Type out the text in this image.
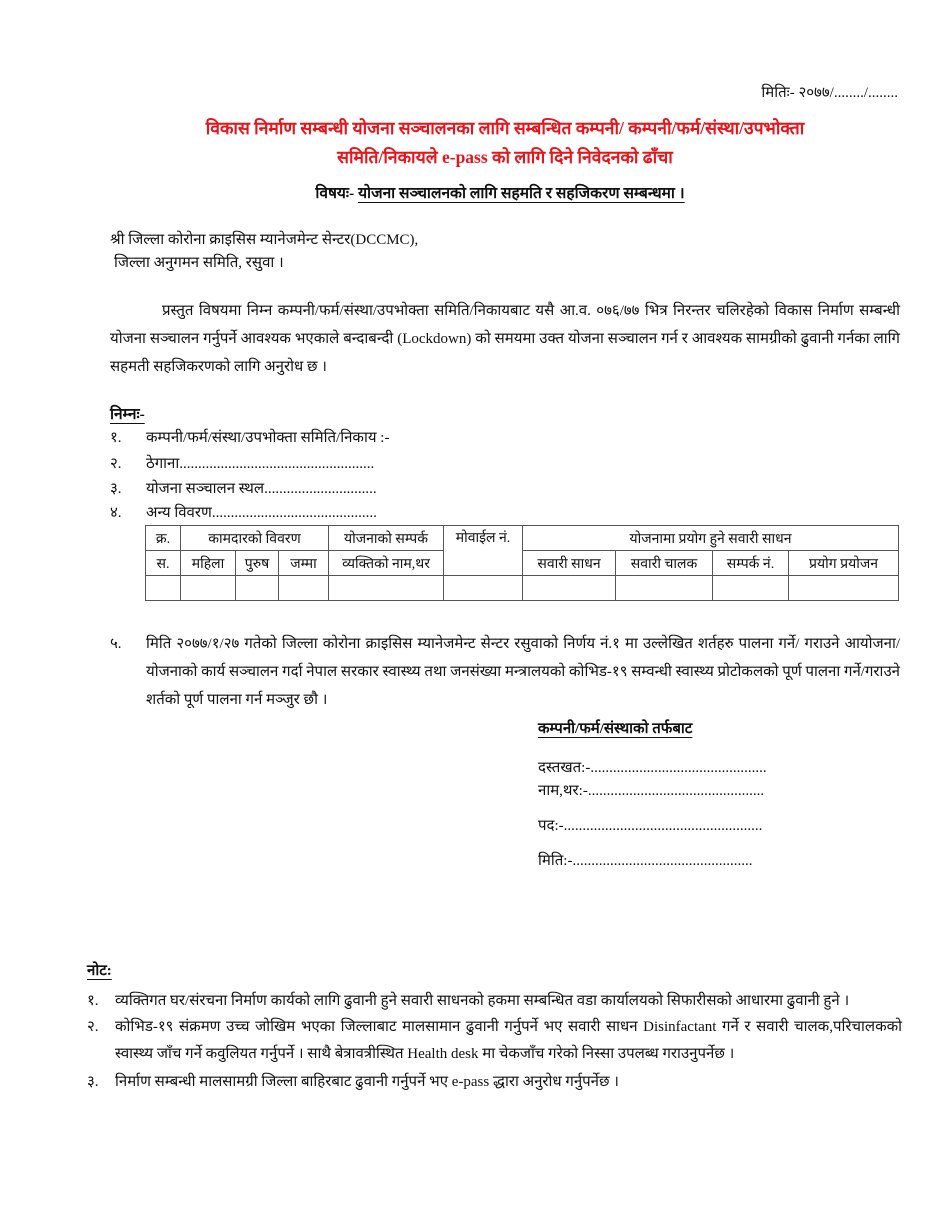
मितिः- २०७७/......../........
विकास निर्माण सम्बन्धी योजना सञ्चालनका लागि सम्बन्धित कम्पनी/ कम्पनी/फर्म/संस्था/उपभोक्ता
समिति/निकायले e-pass को लागि दिने निवेदनको ढाँचा
विषयः- योजना सञ्चालनको लागि सहमति र सहजिकरण सम्बन्धमा ।
श्री जिल्ला कोरोना क्राइसिस म्यानेजमेन्ट सेन्टर(DCCMC),
जिल्ला अनुगमन समिति, रसुवा ।
प्रस्तुत विषयमा निम्न कम्पनी/फर्म/संस्था/उपभोक्ता समिति/निकायबाट यसै आ.व. ०७६/७७ भित्र निरन्तर चलिरहेको विकास निर्माण सम्बन्धी योजना सञ्चालन गर्नुपर्ने आवश्यक भएकाले बन्दाबन्दी (Lockdown) को समयमा उक्त योजना सञ्चालन गर्न र आवश्यक सामग्रीको ढुवानी गर्नका लागि सहमती सहजिकरणको लागि अनुरोध छ ।
निम्नः-
१. कम्पनी/फर्म/संस्था/उपभोक्ता समिति/निकाय :-
२. ठेगाना....................................................
३. योजना सञ्चालन स्थल..............................
४. अन्य विवरण............................................
क्र.	कामदारको विवरण			योजनाको सम्पर्क	मोवाईल नं.	योजनामा प्रयोग हुने सवारी साधन			
स.	महिला	पुरुष	जम्मा	व्यक्तिको नाम,थर		सवारी साधन	सवारी चालक	सम्पर्क नं.	प्रयोग प्रयोजन

५. मिति २०७७/१/२७ गतेको जिल्ला कोरोना क्राइसिस म्यानेजमेन्ट सेन्टर रसुवाको निर्णय नं.१ मा उल्लेखित शर्तहरु पालना गर्ने/ गराउने आयोजना/ योजनाको कार्य सञ्चालन गर्दा नेपाल सरकार स्वास्थ्य तथा जनसंख्या मन्त्रालयको कोभिड-१९ सम्वन्धी स्वास्थ्य प्रोटोकलको पूर्ण पालना गर्ने/गराउने शर्तको पूर्ण पालना गर्न मञ्जुर छौ ।
कम्पनी/फर्म/संस्थाको तर्फबाट
दस्तखत:-...............................................
नाम,थर:-...............................................
पद:-.....................................................
मिति:-................................................
नोट:
१. व्यक्तिगत घर/संरचना निर्माण कार्यको लागि ढुवानी हुने सवारी साधनको हकमा सम्बन्धित वडा कार्यालयको सिफारीसको आधारमा ढुवानी हुने ।
२. कोभिड-१९ संक्रमण उच्च जोखिम भएका जिल्लाबाट मालसामान ढुवानी गर्नुपर्ने भए सवारी साधन Disinfactant गर्ने र सवारी चालक,परिचालकको स्वास्थ्य जाँच गर्ने कवुलियत गर्नुपर्ने । साथै बेत्रावत्रीस्थित Health desk मा चेकजाँच गरेको निस्सा उपलब्ध गराउनुपर्नेछ ।
३. निर्माण सम्बन्धी मालसामग्री जिल्ला बाहिरबाट ढुवानी गर्नुपर्ने भए e-pass द्धारा अनुरोध गर्नुपर्नेछ ।
